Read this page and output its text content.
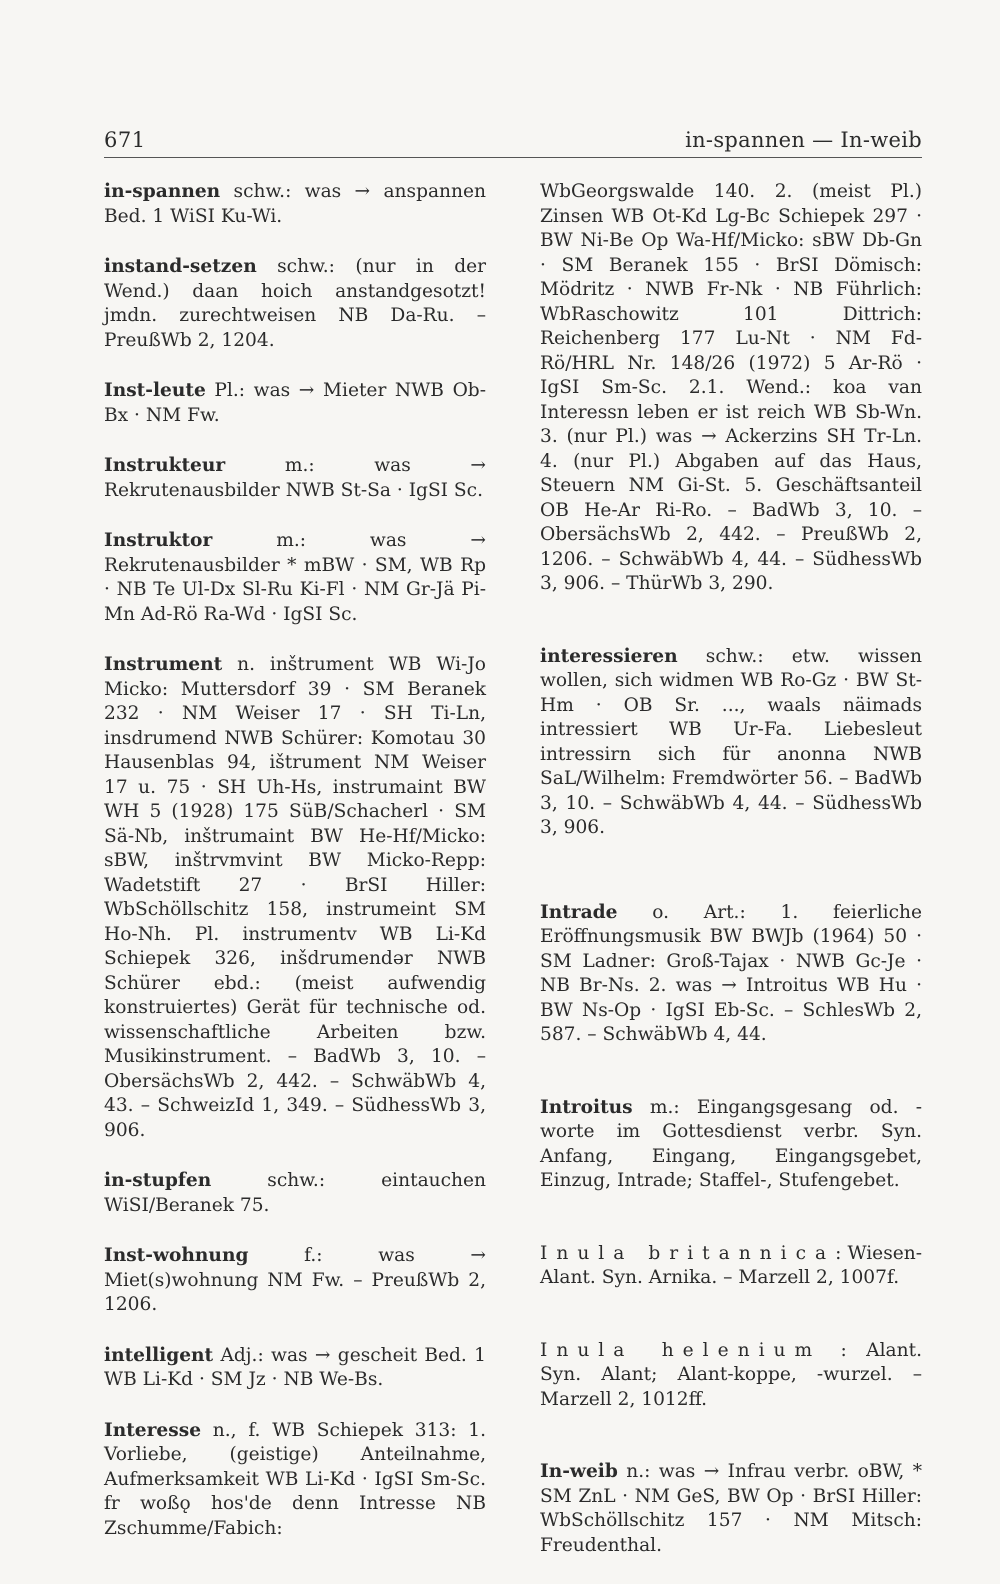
671	in-spannen — In-weib

in-spannen schw.: was → anspannen Bed. 1 WiSI Ku-Wi.

instand-setzen schw.: (nur in der Wend.) daan hoich anstandgesotzt! jmdn. zurechtweisen NB Da-Ru. – PreußWb 2, 1204.

Inst-leute Pl.: was → Mieter NWB Ob-Bx · NM Fw.

Instrukteur m.: was → Rekrutenausbilder NWB St-Sa · IgSI Sc.

Instruktor m.: was → Rekrutenausbilder * mBW · SM, WB Rp · NB Te Ul-Dx Sl-Ru Ki-Fl · NM Gr-Jä Pi-Mn Ad-Rö Ra-Wd · IgSI Sc.

Instrument n. inštrument WB Wi-Jo Micko: Muttersdorf 39 · SM Beranek 232 · NM Weiser 17 · SH Ti-Ln, insdrumend NWB Schürer: Komotau 30 Hausenblas 94, ištrument NM Weiser 17 u. 75 · SH Uh-Hs, instrumaint BW WH 5 (1928) 175 SüB/Schacherl · SM Sä-Nb, inštrumaint BW He-Hf/Micko: sBW, inštrvmvint BW Micko-Repp: Wadetstift 27 · BrSI Hiller: WbSchöllschitz 158, instrumeint SM Ho-Nh. Pl. instrumentv WB Li-Kd Schiepek 326, inšdrumendər NWB Schürer ebd.: (meist aufwendig konstruiertes) Gerät für technische od. wissenschaftliche Arbeiten bzw. Musikinstrument. – BadWb 3, 10. – ObersächsWb 2, 442. – SchwäbWb 4, 43. – SchweizId 1, 349. – SüdhessWb 3, 906.

in-stupfen schw.: eintauchen WiSI/Beranek 75.

Inst-wohnung f.: was → Miet(s)wohnung NM Fw. – PreußWb 2, 1206.

intelligent Adj.: was → gescheit Bed. 1 WB Li-Kd · SM Jz · NB We-Bs.

Interesse n., f. WB Schiepek 313: 1. Vorliebe, (geistige) Anteilnahme, Aufmerksamkeit WB Li-Kd · IgSI Sm-Sc. fr woßǫ hos'de denn Intresse NB Zschumme/Fabich:

WbGeorgswalde 140. 2. (meist Pl.) Zinsen WB Ot-Kd Lg-Bc Schiepek 297 · BW Ni-Be Op Wa-Hf/Micko: sBW Db-Gn · SM Beranek 155 · BrSI Dömisch: Mödritz · NWB Fr-Nk · NB Führlich: WbRaschowitz 101 Dittrich: Reichenberg 177 Lu-Nt · NM Fd-Rö/HRL Nr. 148/26 (1972) 5 Ar-Rö · IgSI Sm-Sc. 2.1. Wend.: koa van Interessn leben er ist reich WB Sb-Wn. 3. (nur Pl.) was → Ackerzins SH Tr-Ln. 4. (nur Pl.) Abgaben auf das Haus, Steuern NM Gi-St. 5. Geschäftsanteil OB He-Ar Ri-Ro. – BadWb 3, 10. – ObersächsWb 2, 442. – PreußWb 2, 1206. – SchwäbWb 4, 44. – SüdhessWb 3, 906. – ThürWb 3, 290.

interessieren schw.: etw. wissen wollen, sich widmen WB Ro-Gz · BW St-Hm · OB Sr. ..., waals näimads intressiert WB Ur-Fa. Liebesleut intressirn sich für anonna NWB SaL/Wilhelm: Fremdwörter 56. – BadWb 3, 10. – SchwäbWb 4, 44. – SüdhessWb 3, 906.

Intrade o. Art.: 1. feierliche Eröffnungsmusik BW BWJb (1964) 50 · SM Ladner: Groß-Tajax · NWB Gc-Je · NB Br-Ns. 2. was → Introitus WB Hu · BW Ns-Op · IgSI Eb-Sc. – SchlesWb 2, 587. – SchwäbWb 4, 44.

Introitus m.: Eingangsgesang od. -worte im Gottesdienst verbr. Syn. Anfang, Eingang, Eingangsgebet, Einzug, Intrade; Staffel-, Stufengebet.

Inula britannica: Wiesen-Alant. Syn. Arnika. – Marzell 2, 1007f.

Inula helenium : Alant. Syn. Alant; Alant-koppe, -wurzel. – Marzell 2, 1012ff.

In-weib n.: was → Infrau verbr. oBW, * SM ZnL · NM GeS, BW Op · BrSI Hiller: WbSchöllschitz 157 · NM Mitsch: Freudenthal.
